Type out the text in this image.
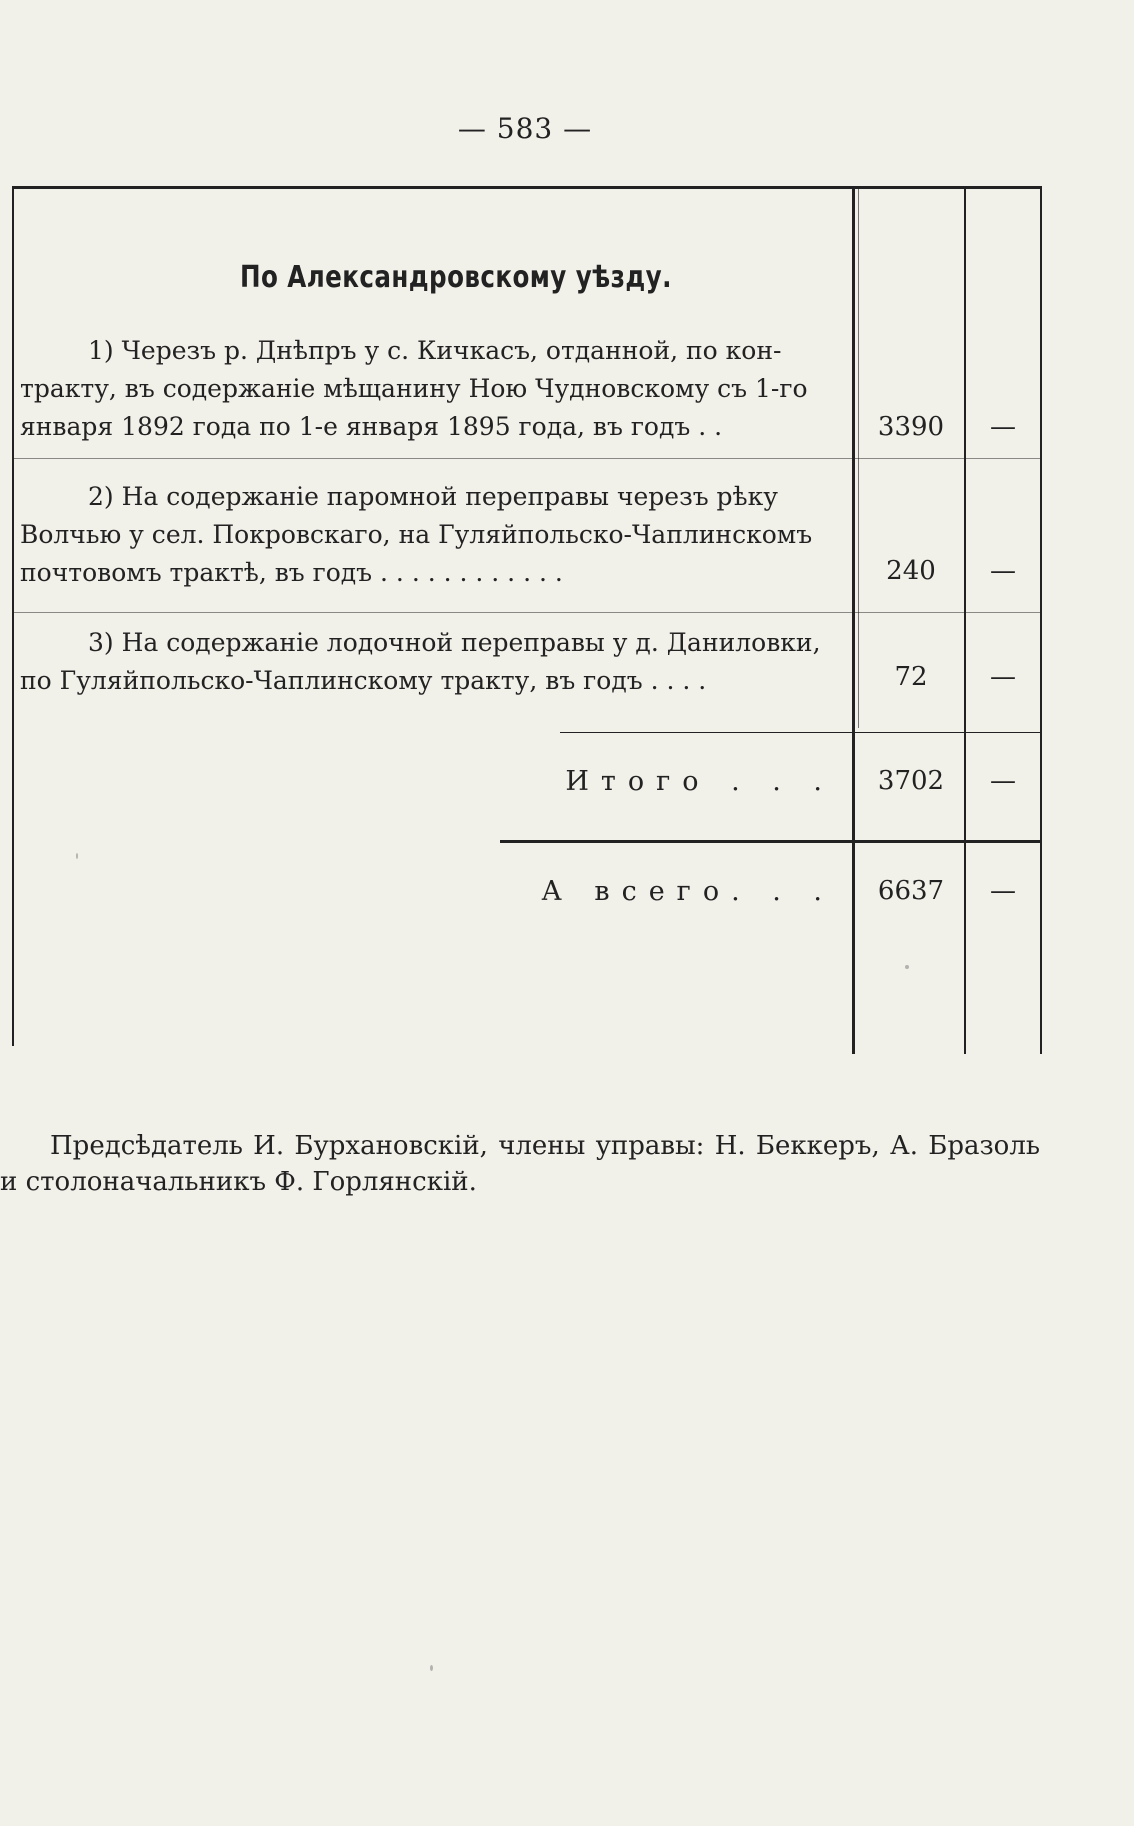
— 583 —
По Александровскому уѣзду.

1) Черезъ р. Днѣпръ у с. Кичкасъ, отданной, по кон-

тракту, въ содержаніе мѣщанину Ною Чудновскому съ 1-го

января 1892 года по 1-е января 1895 года, въ годъ . .	3390	—

2) На содержаніе паромной переправы черезъ рѣку

Волчью у сел. Покровскаго, на Гуляйпольско-Чаплинскомъ

почтовомъ трактѣ, въ годъ . . . . . . . . . . . .	240	—

3) На содержаніе лодочной переправы у д. Даниловки,

по Гуляйпольско-Чаплинскому тракту, въ годъ . . . .	72	—
Итого . . .	3702	—
А всего. . .	6637	—
Предсѣдатель И. Бурхановскій, члены управы: Н. Беккеръ, А. Бразоль
и столоначальникъ Ф. Горлянскій.
